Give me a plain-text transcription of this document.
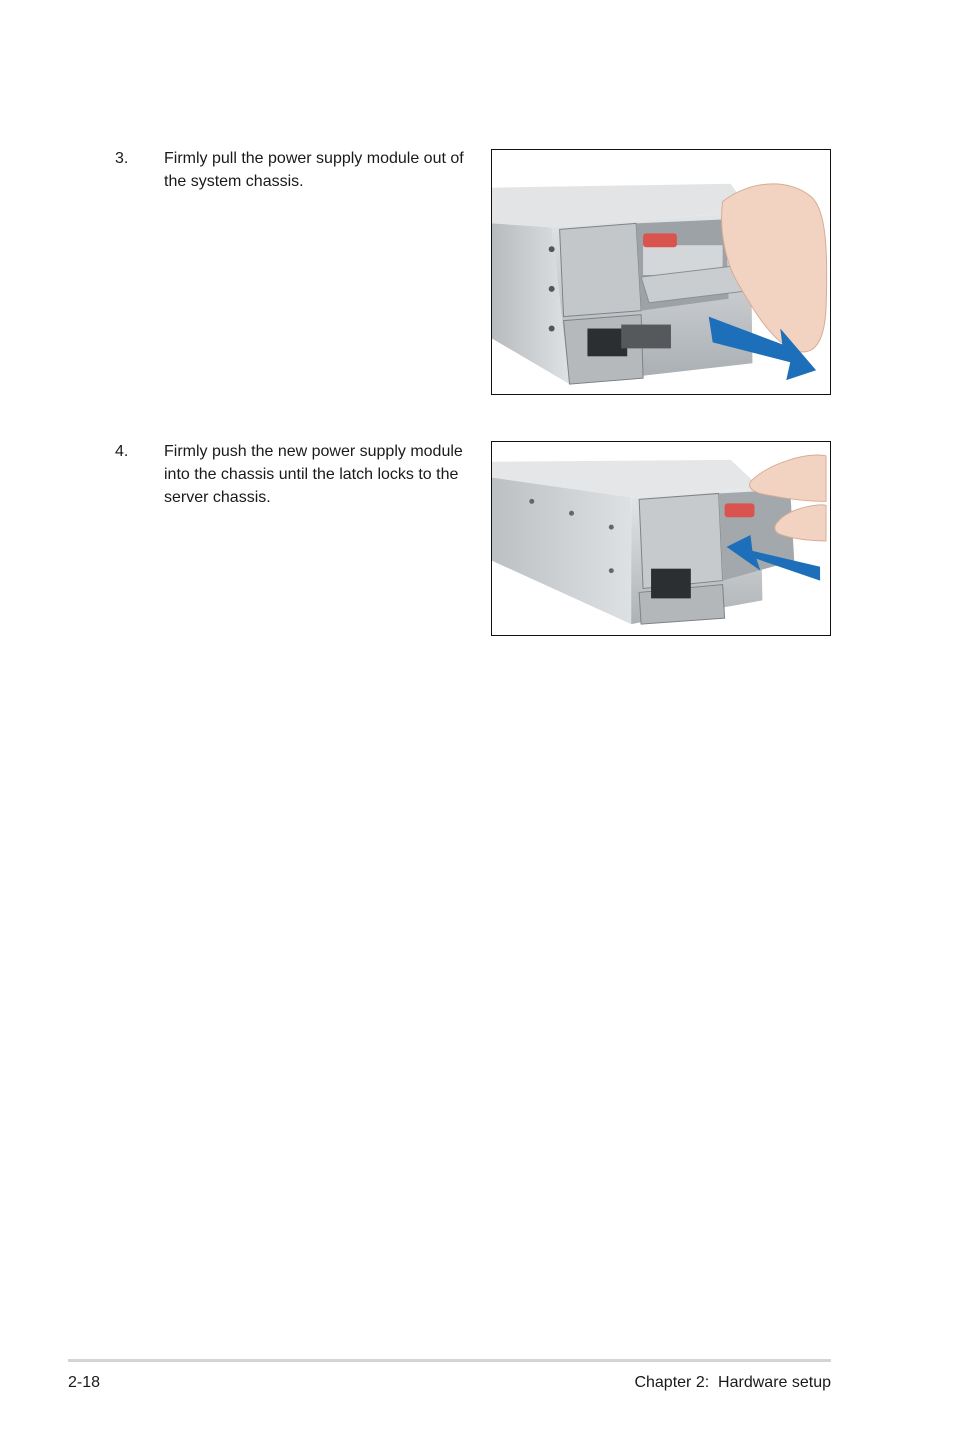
3. Firmly pull the power supply module out of the system chassis.
4. Firmly push the new power supply module into the chassis until the latch locks to the server chassis.
2-18	Chapter 2:  Hardware setup
